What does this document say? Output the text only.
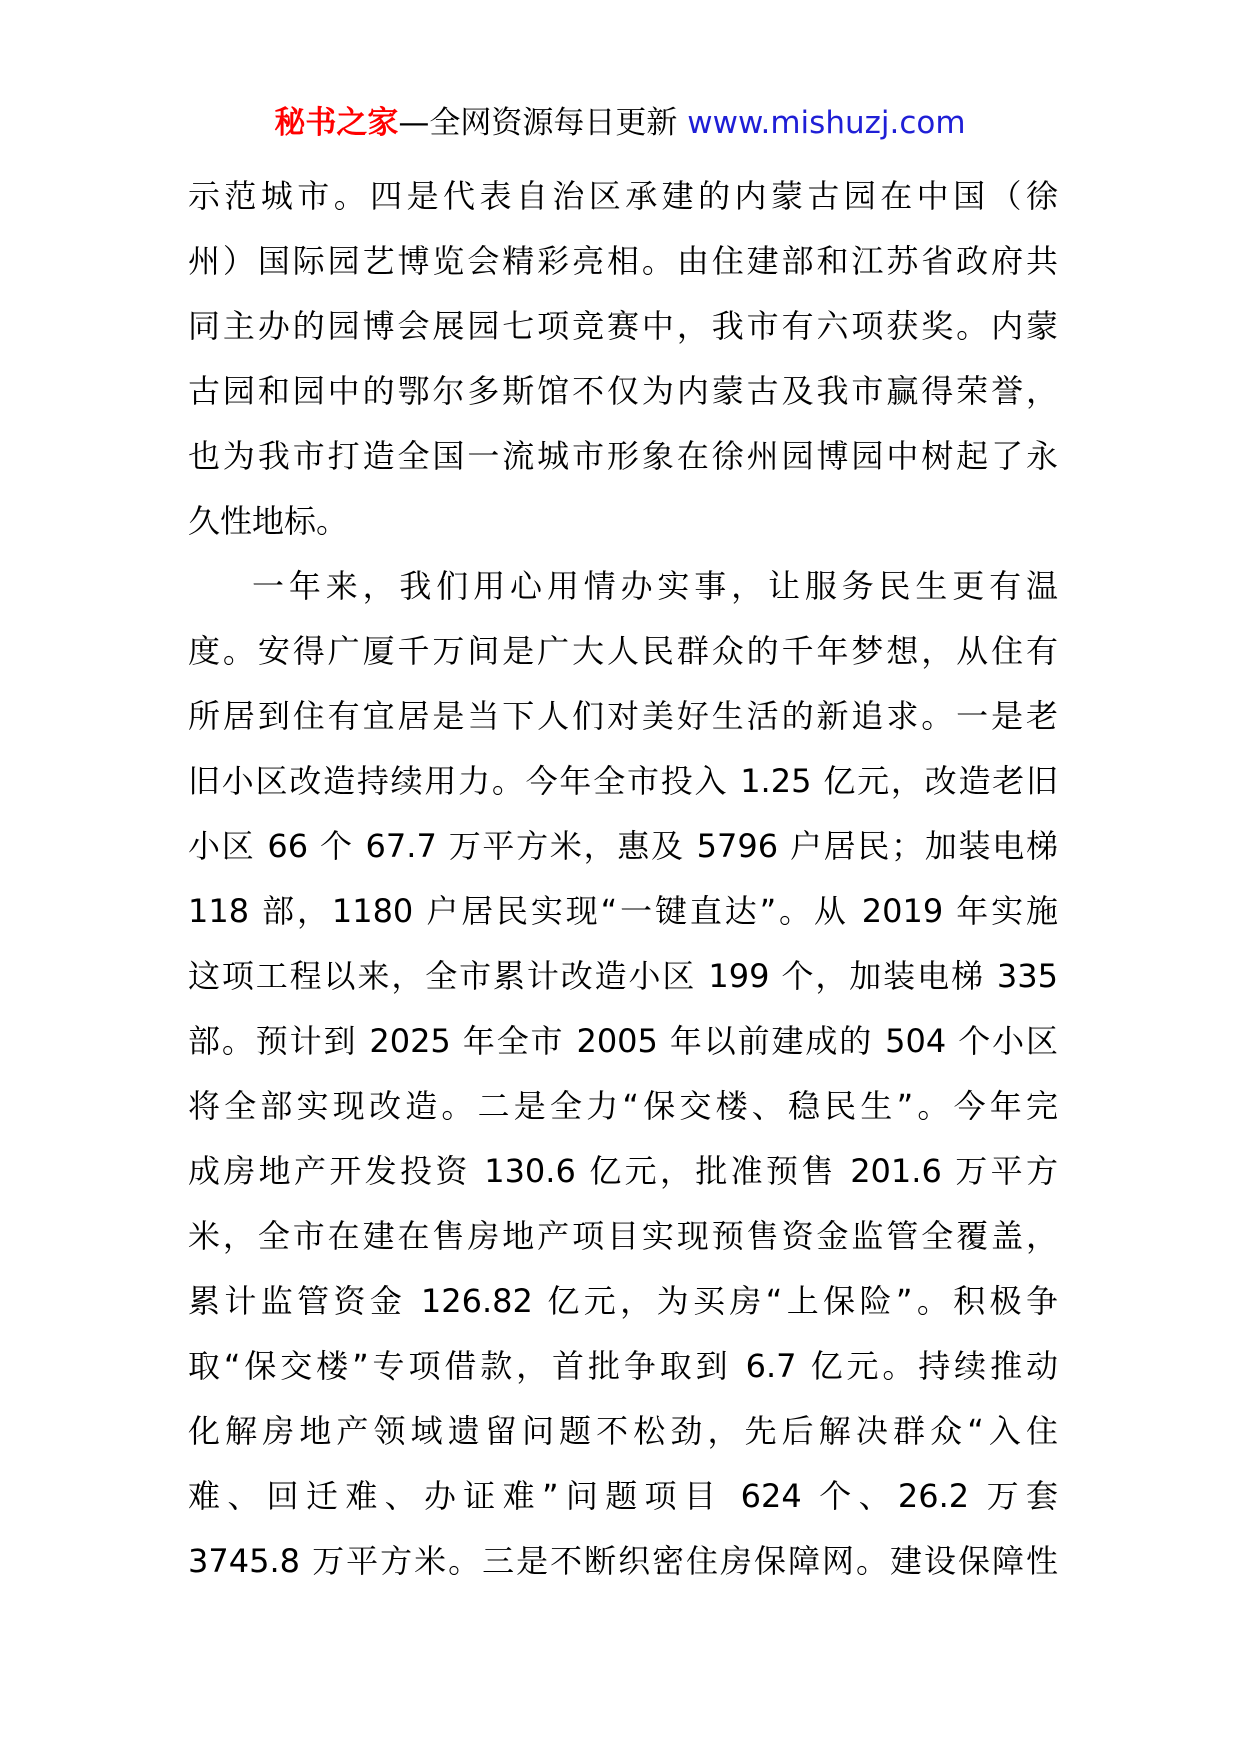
秘书之家—全网资源每日更新 www.mishuzj.com
示范城市。四是代表自治区承建的内蒙古园在中国（徐
州）国际园艺博览会精彩亮相。由住建部和江苏省政府共
同主办的园博会展园七项竞赛中，我市有六项获奖。内蒙
古园和园中的鄂尔多斯馆不仅为内蒙古及我市赢得荣誉，
也为我市打造全国一流城市形象在徐州园博园中树起了永
久性地标。
一年来，我们用心用情办实事，让服务民生更有温
度。安得广厦千万间是广大人民群众的千年梦想，从住有
所居到住有宜居是当下人们对美好生活的新追求。一是老
旧小区改造持续用力。今年全市投入 1.25 亿元，改造老旧
小区 66 个 67.7 万平方米，惠及 5796 户居民；加装电梯
118 部，1180 户居民实现“一键直达”。从 2019 年实施
这项工程以来，全市累计改造小区 199 个，加装电梯 335
部。预计到 2025 年全市 2005 年以前建成的 504 个小区
将全部实现改造。二是全力“保交楼、稳民生”。今年完
成房地产开发投资 130.6 亿元，批准预售 201.6 万平方
米，全市在建在售房地产项目实现预售资金监管全覆盖，
累计监管资金 126.82 亿元，为买房“上保险”。积极争
取“保交楼”专项借款，首批争取到 6.7 亿元。持续推动
化解房地产领域遗留问题不松劲，先后解决群众“入住
难、回迁难、办证难”问题项目 624 个、26.2 万套
3745.8 万平方米。三是不断织密住房保障网。建设保障性
